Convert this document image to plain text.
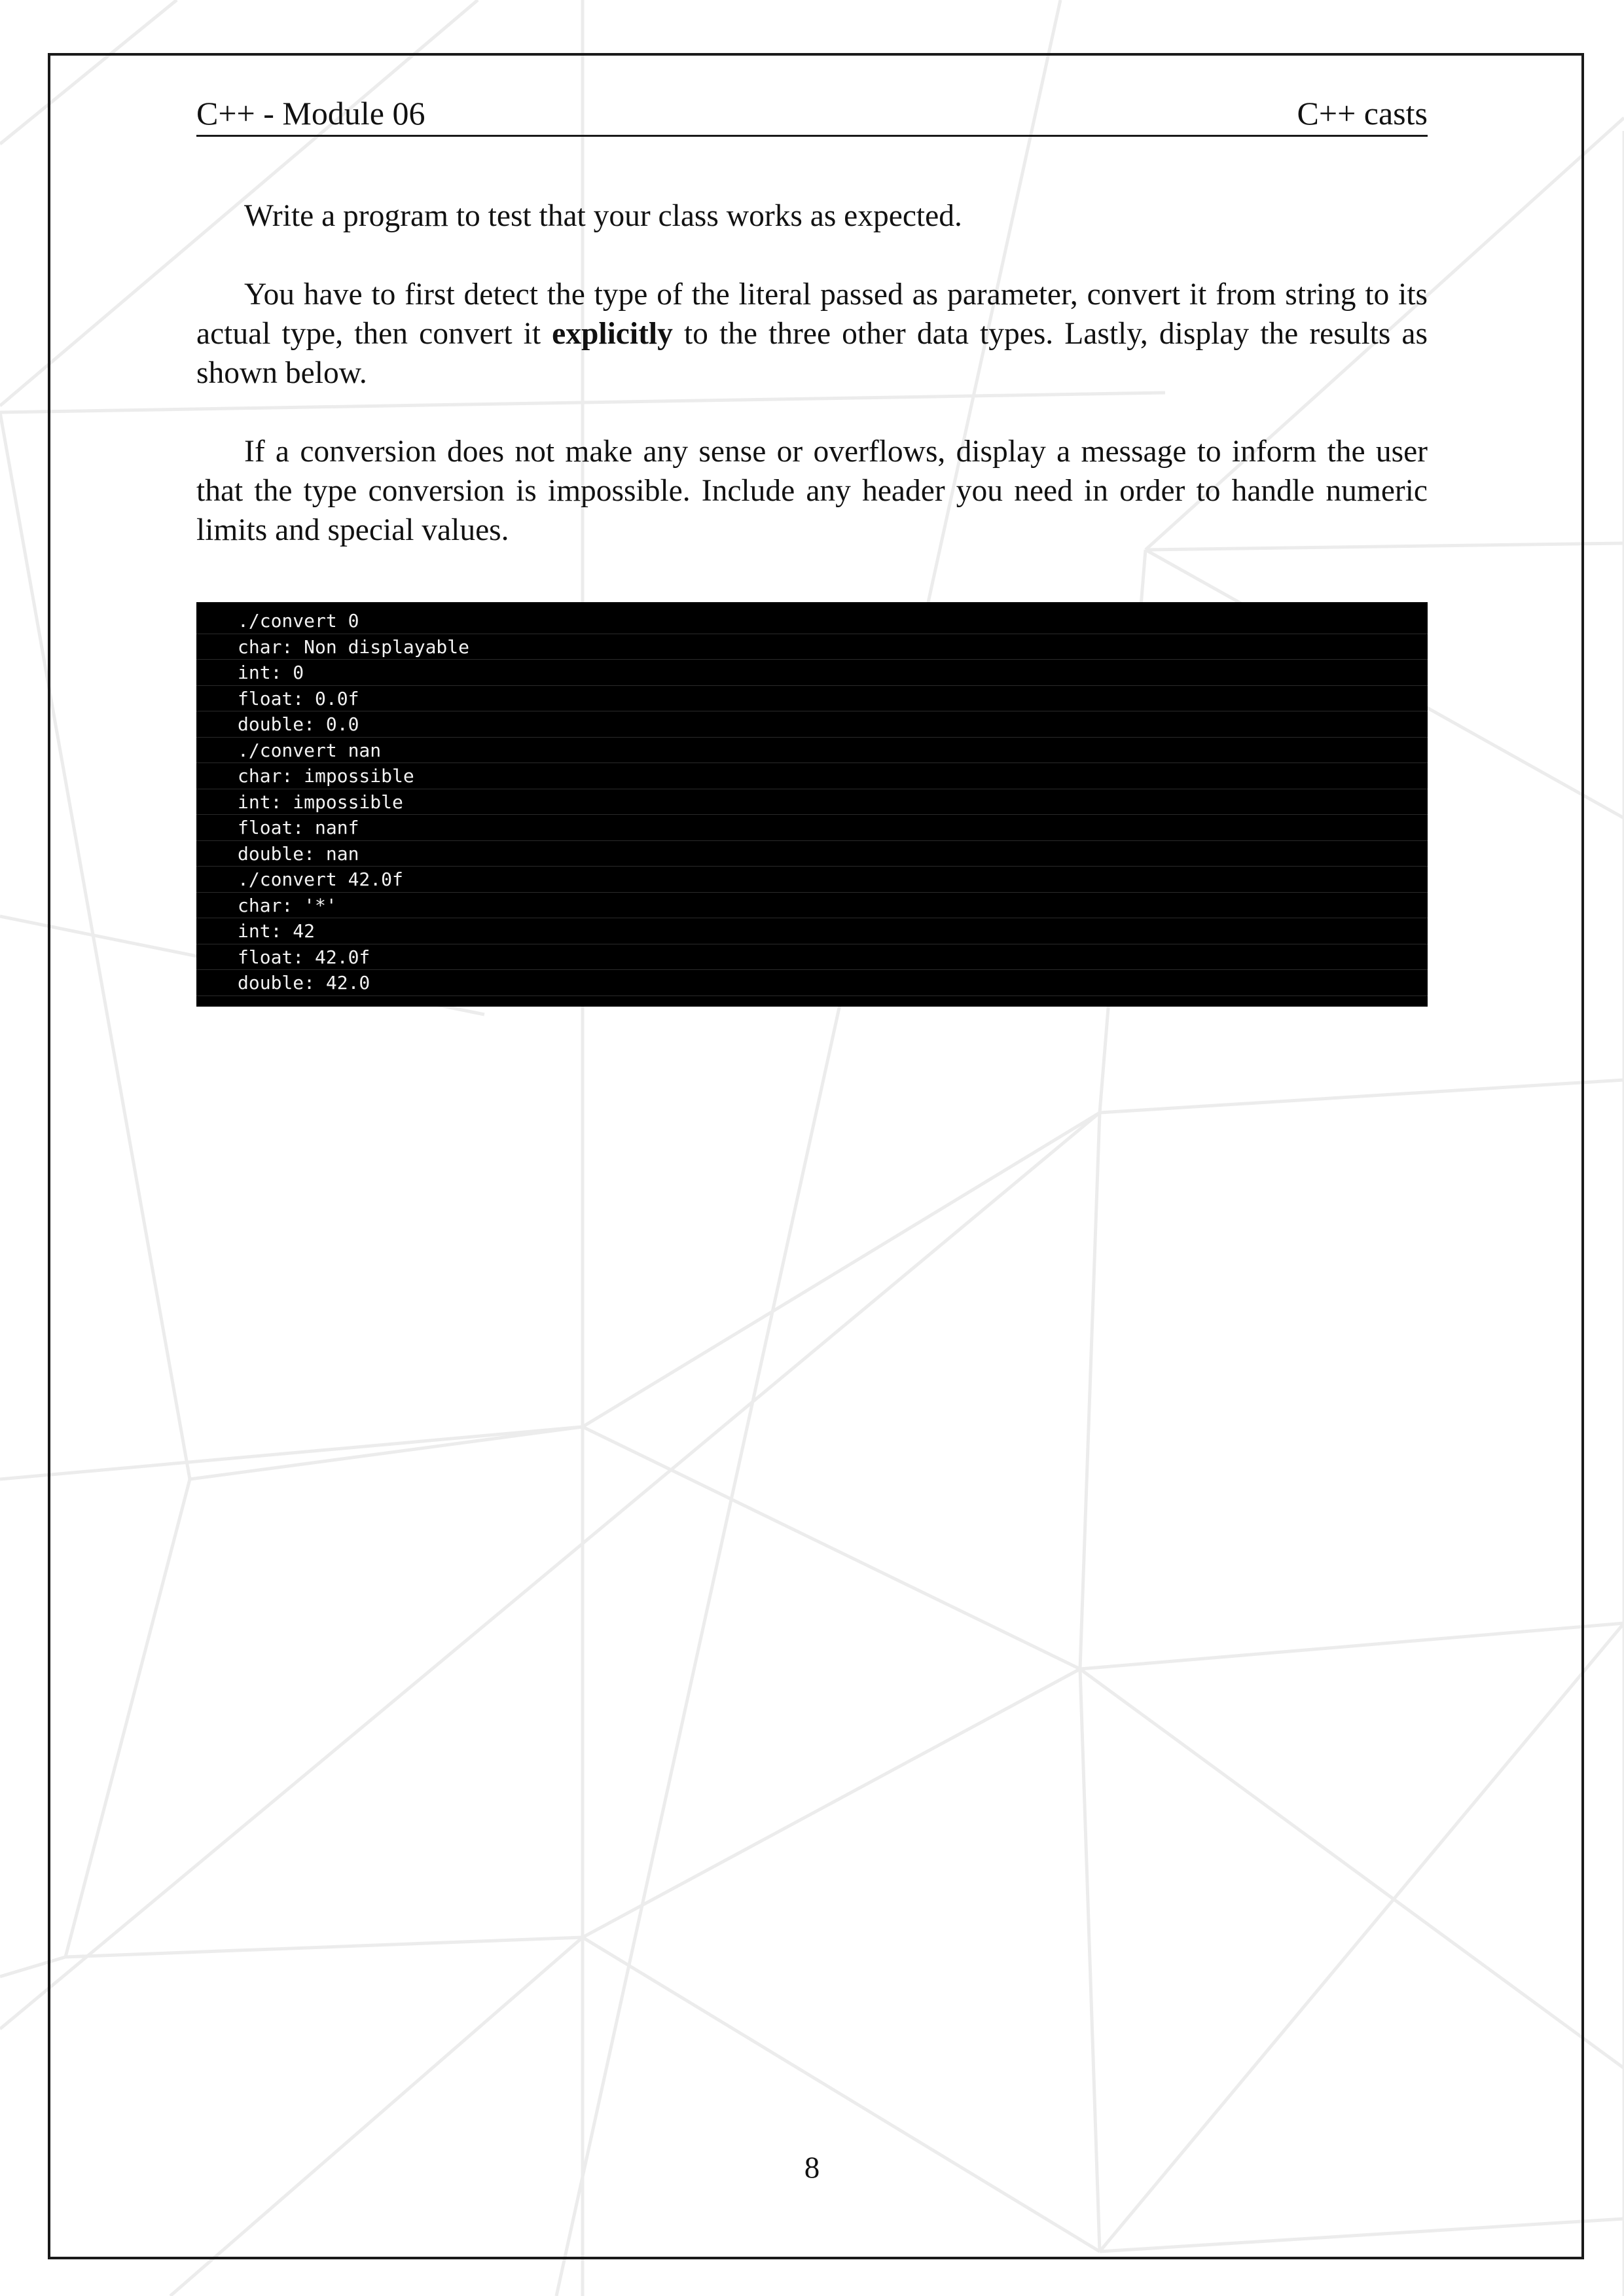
C++ - Module 06	C++ casts

Write a program to test that your class works as expected.

You have to first detect the type of the literal passed as parameter, convert it from string to its actual type, then convert it explicitly to the three other data types. Lastly, display the results as shown below.

If a conversion does not make any sense or overflows, display a message to inform the user that the type conversion is impossible. Include any header you need in order to handle numeric limits and special values.

./convert 0
char: Non displayable
int: 0
float: 0.0f
double: 0.0
./convert nan
char: impossible
int: impossible
float: nanf
double: nan
./convert 42.0f
char: '*'
int: 42
float: 42.0f
double: 42.0
8
